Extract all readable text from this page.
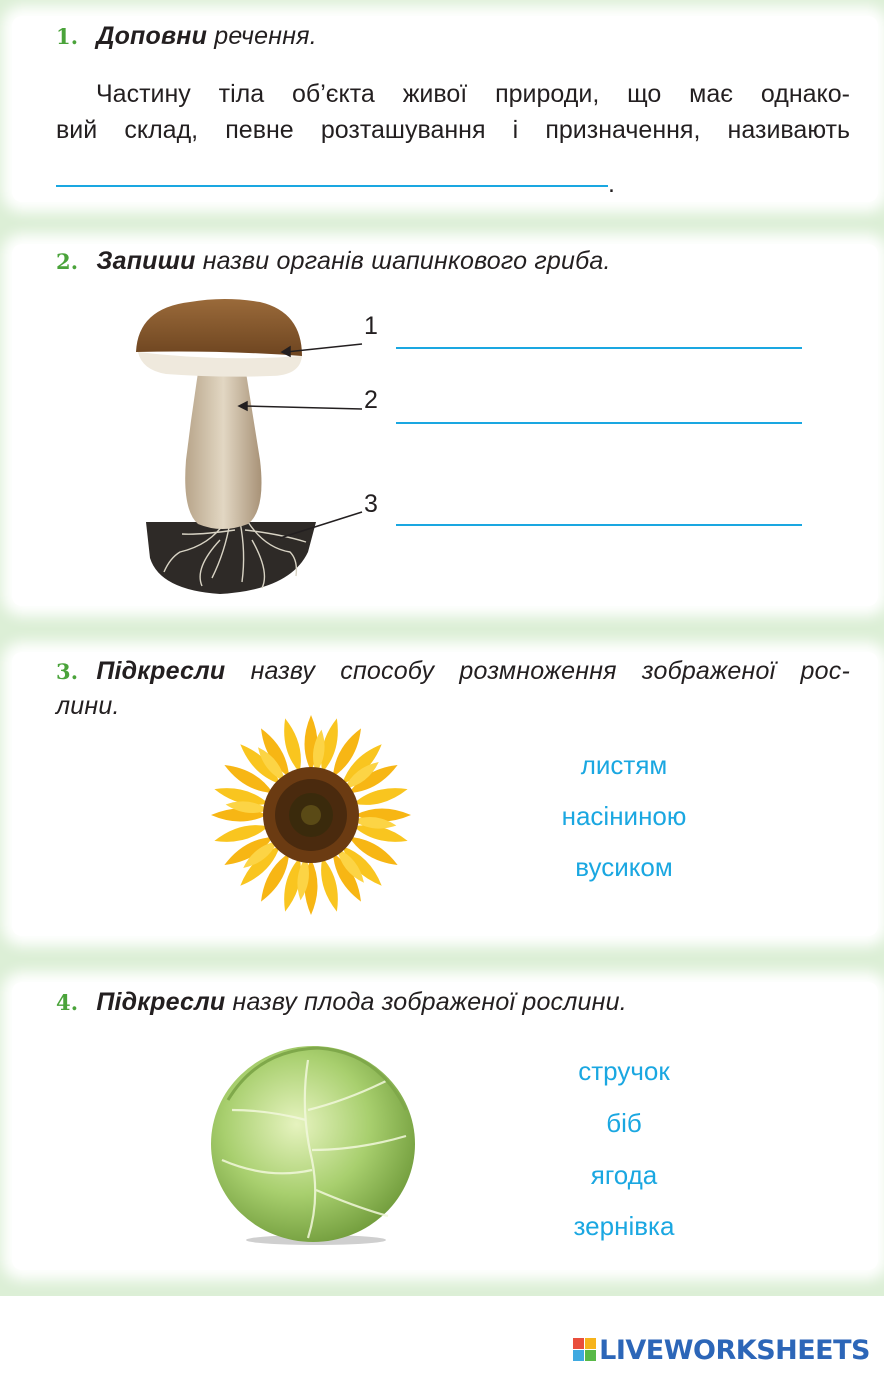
1. Доповни речення.
Частину тіла об’єкта живої природи, що має однако-
вий склад, певне розташування і призначення, називають
.
2. Запиши назви органів шапинкового гриба.
1
2
3
3. Підкресли назву способу розмноження зображеної рос-
лини.
листям
насіниною
вусиком
4. Підкресли назву плода зображеної рослини.
стручок
біб
ягода
зернівка
LIVEWORKSHEETS
